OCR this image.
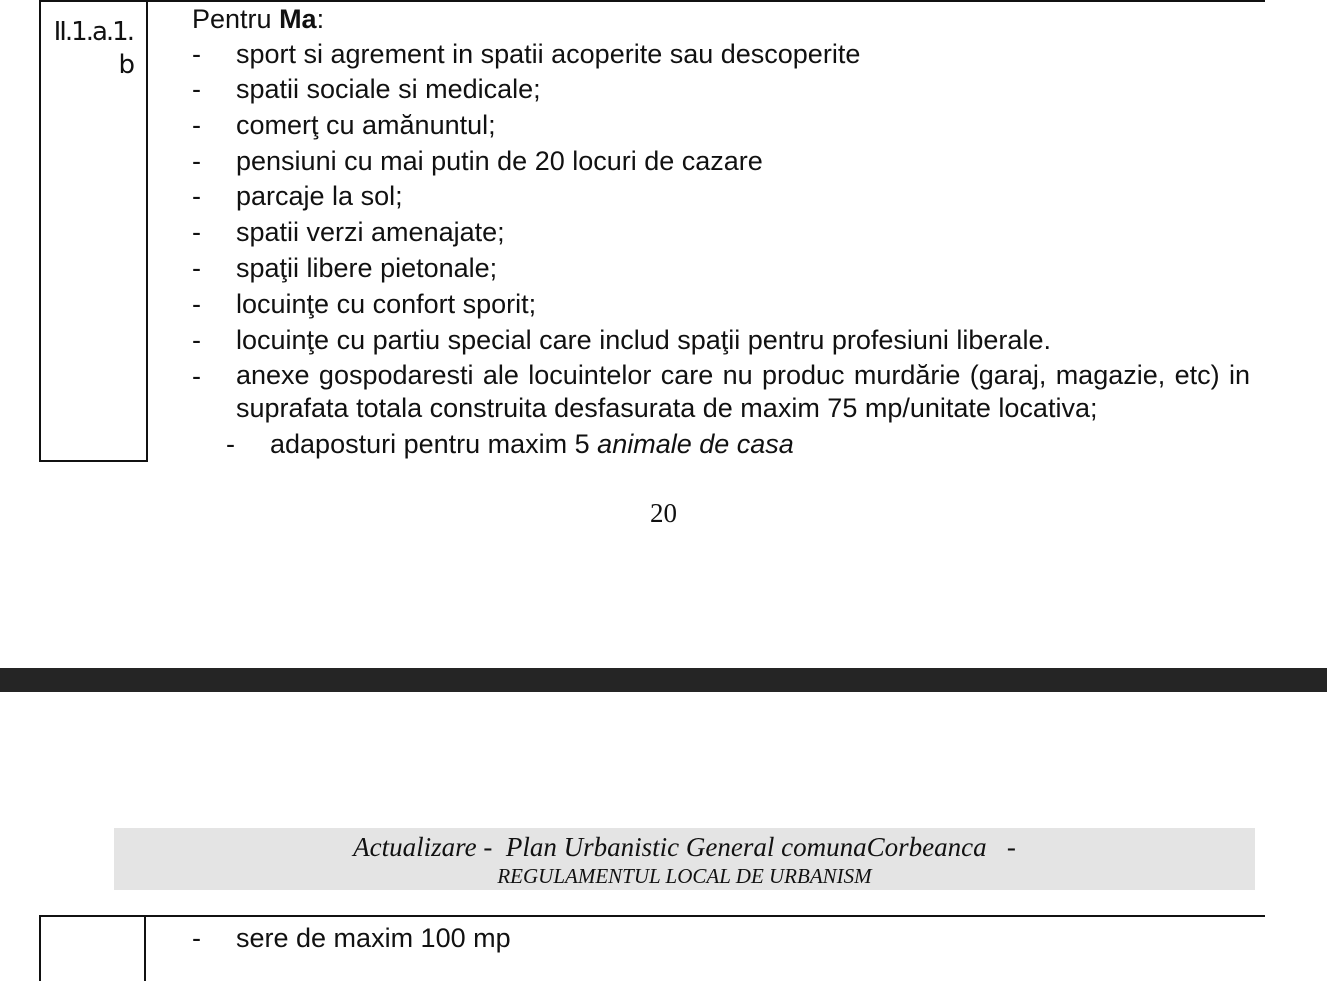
II.1.a.1.
b
Pentru Ma:
- sport si agrement in spatii acoperite sau descoperite
- spatii sociale si medicale;
- comerţ cu amănuntul;
- pensiuni cu mai putin de 20 locuri de cazare
- parcaje la sol;
- spatii verzi amenajate;
- spaţii libere pietonale;
- locuinţe cu confort sporit;
- locuinţe cu partiu special care includ spaţii pentru profesiuni liberale.
- anexe gospodaresti ale locuintelor care nu produc murdărie (garaj, magazie, etc) in suprafata totala construita desfasurata de maxim 75 mp/unitate locativa;
- adaposturi pentru maxim 5 animale de casa
20
Actualizare -  Plan Urbanistic General comunaCorbeanca   -
REGULAMENTUL LOCAL DE URBANISM
- sere de maxim 100 mp
